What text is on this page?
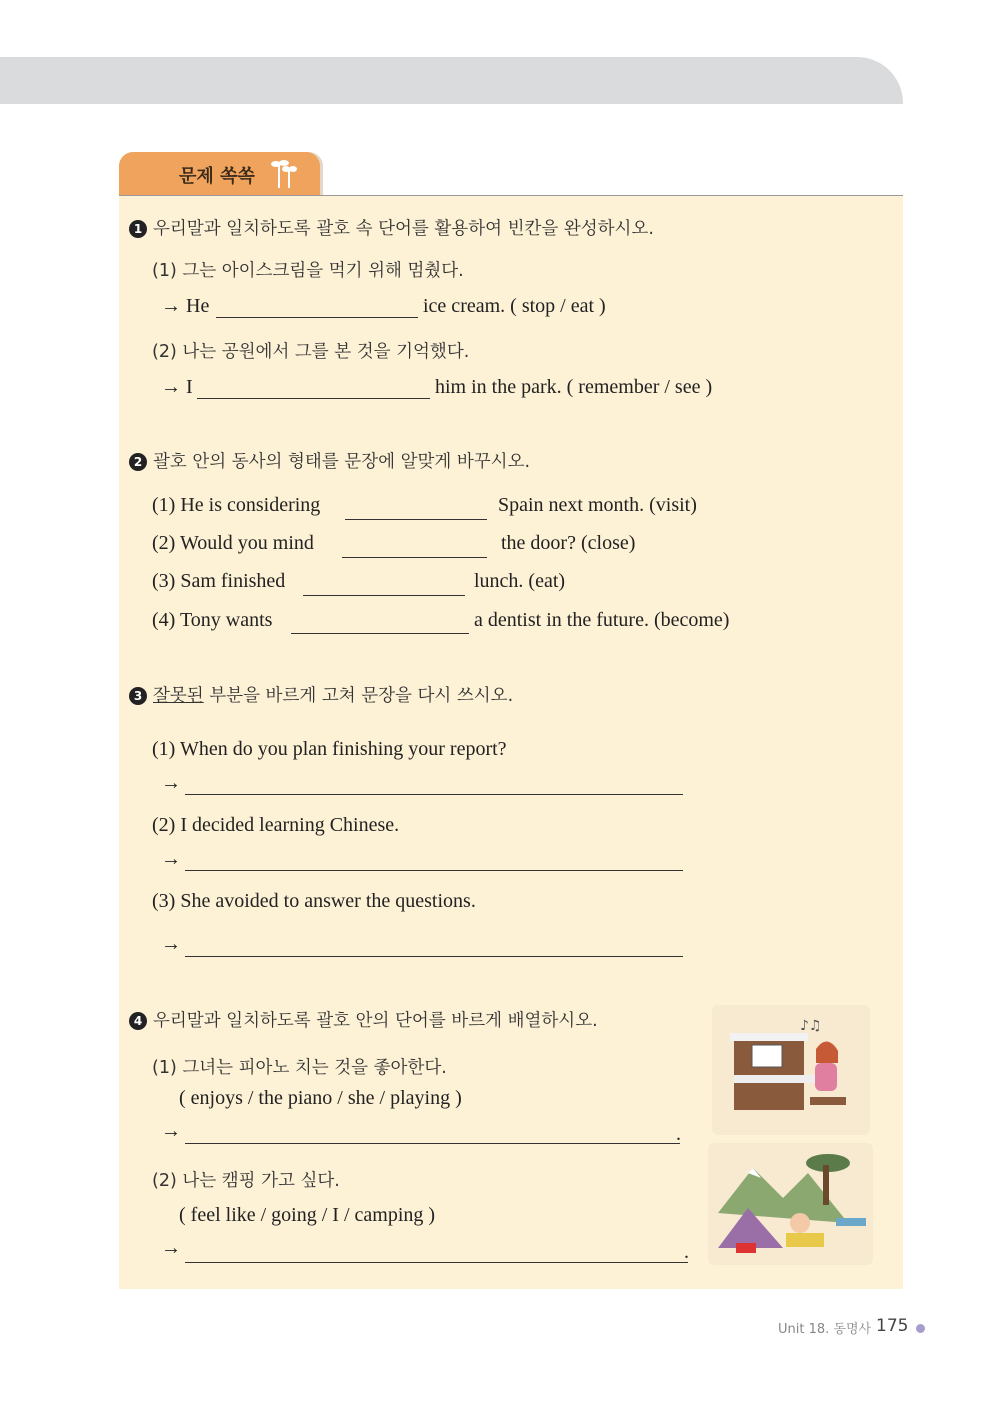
문제 쏙쏙
1 우리말과 일치하도록 괄호 속 단어를 활용하여 빈칸을 완성하시오.
(1) 그는 아이스크림을 먹기 위해 멈췄다.
→ He	ice cream. ( stop / eat )
(2) 나는 공원에서 그를 본 것을 기억했다.
→ I	him in the park. ( remember / see )
2 괄호 안의 동사의 형태를 문장에 알맞게 바꾸시오.
(1) He is considering	Spain next month. (visit)
(2) Would you mind	the door? (close)
(3) Sam finished	lunch. (eat)
(4) Tony wants	a dentist in the future. (become)
3 잘못된 부분을 바르게 고쳐 문장을 다시 쓰시오.
(1) When do you plan finishing your report?
→
(2) I decided learning Chinese.
→
(3) She avoided to answer the questions.
→
4 우리말과 일치하도록 괄호 안의 단어를 바르게 배열하시오.
(1) 그녀는 피아노 치는 것을 좋아한다.
( enjoys / the piano / she / playing )
→	.
(2) 나는 캠핑 가고 싶다.
( feel like / going / I / camping )
→	.
♪♫
Unit 18. 동명사 175
